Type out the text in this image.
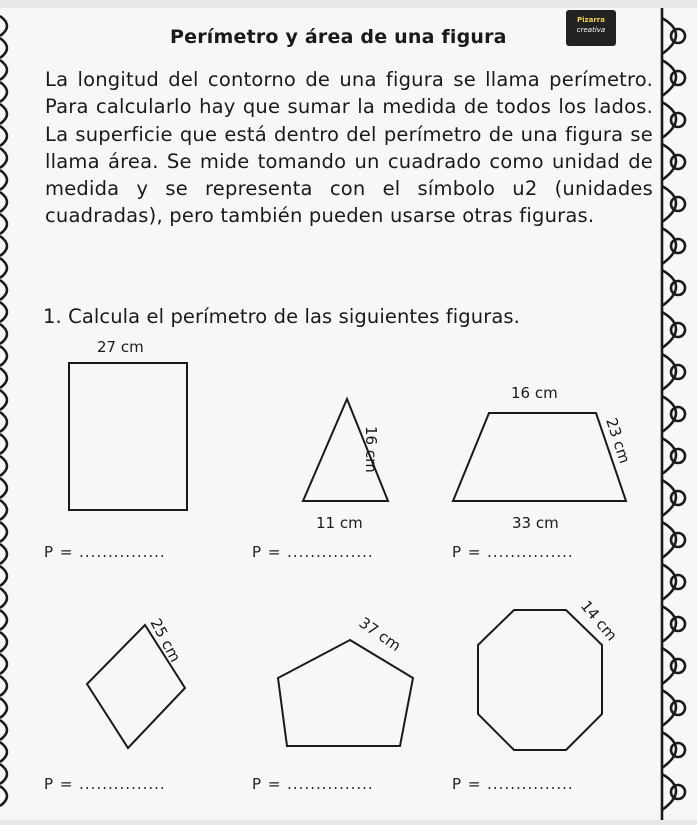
Perímetro y área de una figura
Pizarra
creativa
La longitud del contorno de una figura se llama perímetro. Para calcularlo hay que sumar la medida de todos los lados. La superficie que está dentro del perímetro de una figura se llama área. Se mide tomando un cuadrado como unidad de medida y se representa con el símbolo u2 (unidades cuadradas), pero también pueden usarse otras figuras.
1. Calcula el perímetro de las siguientes figuras.
27 cm
16 cm
11 cm
16 cm
23 cm
33 cm
25 cm	37 cm	14 cm
P = ...............	P = ...............	P = ...............
P = ...............	P = ...............	P = ...............
